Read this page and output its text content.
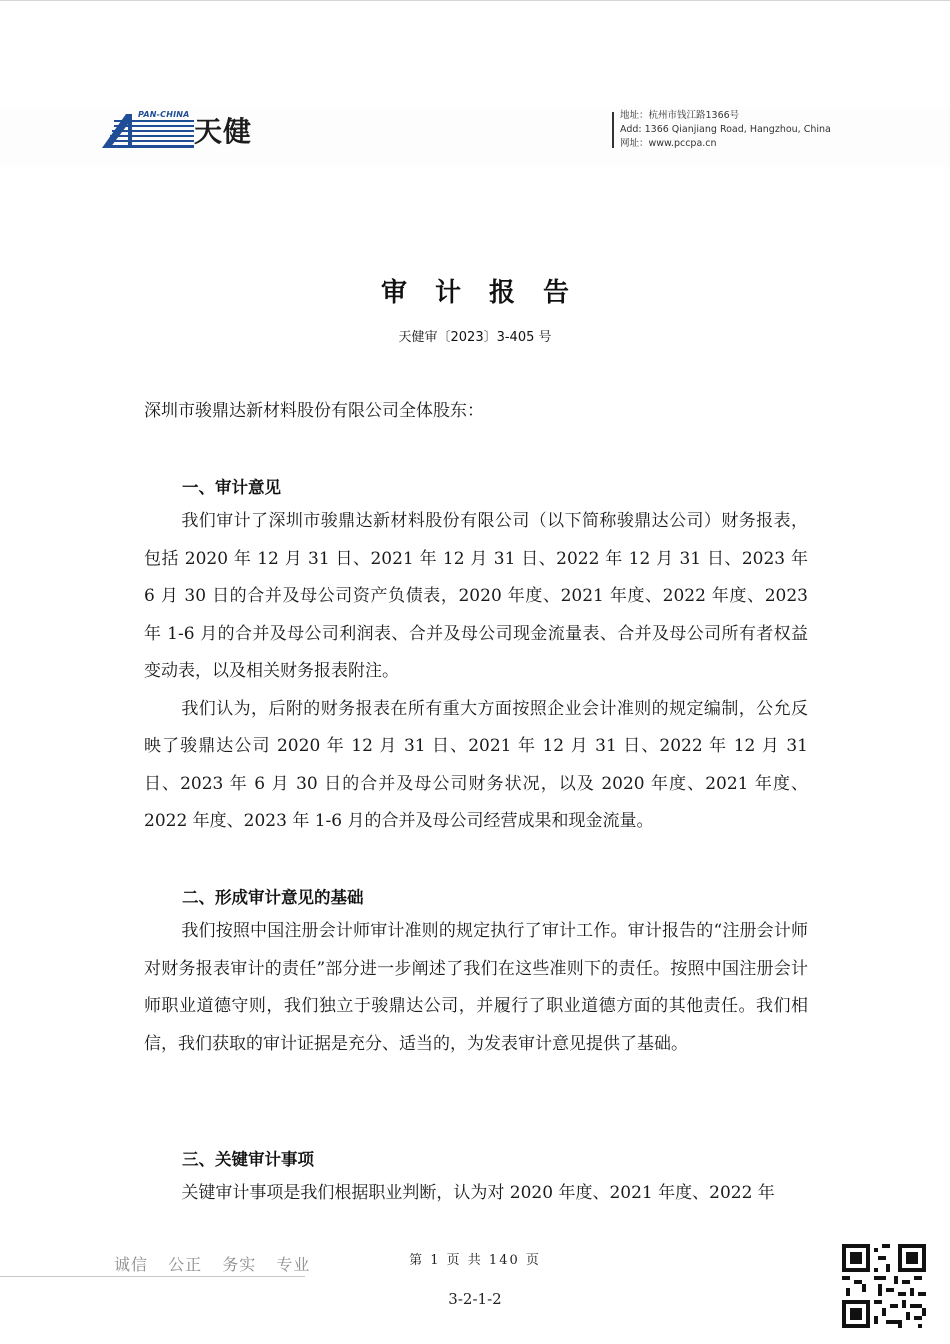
PAN-CHINA
天健	地址：杭州市钱江路1366号
Add: 1366 Qianjiang Road, Hangzhou, China
网址：www.pccpa.cn
审计报告
天健审〔2023〕3-405 号
深圳市骏鼎达新材料股份有限公司全体股东：
一、审计意见

我们审计了深圳市骏鼎达新材料股份有限公司（以下简称骏鼎达公司）财务报表，包括 2020 年 12 月 31 日、2021 年 12 月 31 日、2022 年 12 月 31 日、2023 年 6 月 30 日的合并及母公司资产负债表，2020 年度、2021 年度、2022 年度、2023 年 1-6 月的合并及母公司利润表、合并及母公司现金流量表、合并及母公司所有者权益变动表，以及相关财务报表附注。

我们认为，后附的财务报表在所有重大方面按照企业会计准则的规定编制，公允反映了骏鼎达公司 2020 年 12 月 31 日、2021 年 12 月 31 日、2022 年 12 月 31 日、2023 年 6 月 30 日的合并及母公司财务状况，以及 2020 年度、2021 年度、2022 年度、2023 年 1-6 月的合并及母公司经营成果和现金流量。

二、形成审计意见的基础

我们按照中国注册会计师审计准则的规定执行了审计工作。审计报告的“注册会计师对财务报表审计的责任”部分进一步阐述了我们在这些准则下的责任。按照中国注册会计师职业道德守则，我们独立于骏鼎达公司，并履行了职业道德方面的其他责任。我们相信，我们获取的审计证据是充分、适当的，为发表审计意见提供了基础。

三、关键审计事项

关键审计事项是我们根据职业判断，认为对 2020 年度、2021 年度、2022 年

诚信 公正 务实 专业	第 1 页 共 140 页
3-2-1-2
